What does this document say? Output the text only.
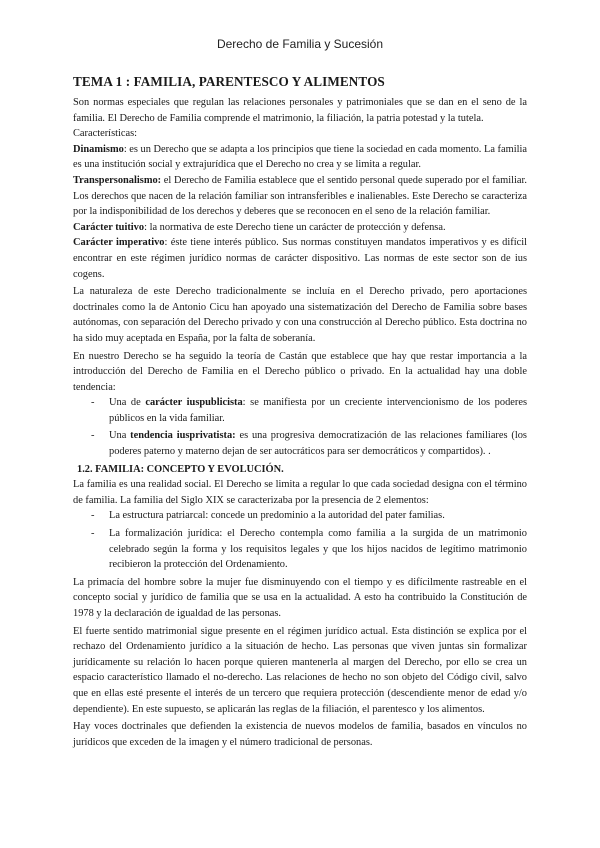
Derecho de Familia y Sucesión
TEMA 1 : FAMILIA, PARENTESCO Y ALIMENTOS

Son normas especiales que regulan las relaciones personales y patrimoniales que se dan en el seno de la familia. El Derecho de Familia comprende el matrimonio, la filiación, la patria potestad y la tutela.

Características:

Dinamismo: es un Derecho que se adapta a los principios que tiene la sociedad en cada momento. La familia es una institución social y extrajurídica que el Derecho no crea y se limita a regular.

Transpersonalismo: el Derecho de Familia establece que el sentido personal quede superado por el familiar. Los derechos que nacen de la relación familiar son intransferibles e inalienables. Este Derecho se caracteriza por la indisponibilidad de los derechos y deberes que se reconocen en el seno de la relación familiar.

Carácter tuitivo: la normativa de este Derecho tiene un carácter de protección y defensa.

Carácter imperativo: éste tiene interés público. Sus normas constituyen mandatos imperativos y es difícil encontrar en este régimen jurídico normas de carácter dispositivo. Las normas de este sector son de ius cogens.

La naturaleza de este Derecho tradicionalmente se incluía en el Derecho privado, pero aportaciones doctrinales como la de Antonio Cicu han apoyado una sistematización del Derecho de Familia sobre bases autónomas, con separación del Derecho privado y con una construcción al Derecho público. Esta doctrina no ha sido muy aceptada en España, por la falta de soberanía.

En nuestro Derecho se ha seguido la teoría de Castán que establece que hay que restar importancia a la introducción del Derecho de Familia en el Derecho público o privado. En la actualidad hay una doble tendencia:

- Una de carácter iuspublicista: se manifiesta por un creciente intervencionismo de los poderes públicos en la vida familiar.
- Una tendencia iusprivatista: es una progresiva democratización de las relaciones familiares (los poderes paterno y materno dejan de ser autocráticos para ser democráticos y compartidos). .
1.2. FAMILIA: CONCEPTO Y EVOLUCIÓN.

La familia es una realidad social. El Derecho se limita a regular lo que cada sociedad designa con el término de familia. La familia del Siglo XIX se caracterizaba por la presencia de 2 elementos:

- La estructura patriarcal: concede un predominio a la autoridad del pater familias.
- La formalización jurídica: el Derecho contempla como familia a la surgida de un matrimonio celebrado según la forma y los requisitos legales y que los hijos nacidos de legítimo matrimonio recibieron la protección del Ordenamiento.

La primacía del hombre sobre la mujer fue disminuyendo con el tiempo y es difícilmente rastreable en el concepto social y jurídico de familia que se usa en la actualidad. A esto ha contribuido la Constitución de 1978 y la declaración de igualdad de las personas.

El fuerte sentido matrimonial sigue presente en el régimen jurídico actual. Esta distinción se explica por el rechazo del Ordenamiento jurídico a la situación de hecho. Las personas que viven juntas sin formalizar jurídicamente su relación lo hacen porque quieren mantenerla al margen del Derecho, por ello se crea un espacio característico llamado el no-derecho. Las relaciones de hecho no son objeto del Código civil, salvo que en ellas esté presente el interés de un tercero que requiera protección (descendiente menor de edad y/o dependiente). En este supuesto, se aplicarán las reglas de la filiación, el parentesco y los alimentos.

Hay voces doctrinales que defienden la existencia de nuevos modelos de familia, basados en vínculos no jurídicos que exceden de la imagen y el número tradicional de personas.
